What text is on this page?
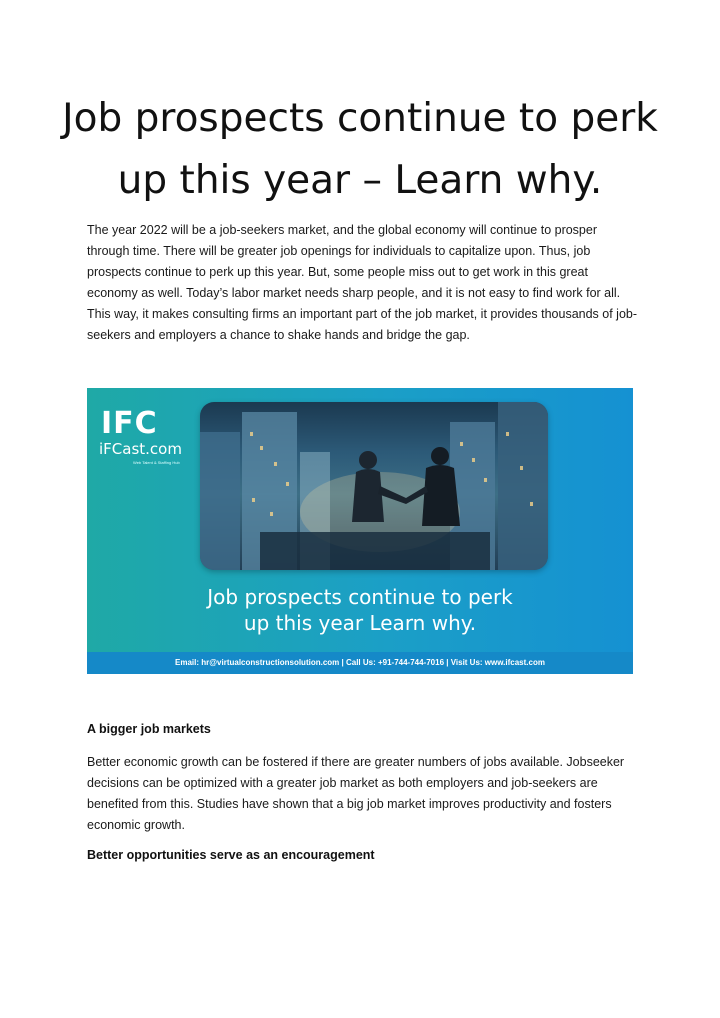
Job prospects continue to perk
up this year – Learn why.

The year 2022 will be a job-seekers market, and the global economy will continue to prosper through time. There will be greater job openings for individuals to capitalize upon. Thus, job prospects continue to perk up this year. But, some people miss out to get work in this great economy as well. Today’s labor market needs sharp people, and it is not easy to find work for all. This way, it makes consulting firms an important part of the job market, it provides thousands of job-seekers and employers a chance to shake hands and bridge the gap.

IFC
iFCast.com
Web Talent & Staffing Hub
Job prospects continue to perk
up this year Learn why.
Email: hr@virtualconstructionsolution.com | Call Us: +91-744-744-7016 | Visit Us: www.ifcast.com
A bigger job markets

Better economic growth can be fostered if there are greater numbers of jobs available. Jobseeker decisions can be optimized with a greater job market as both employers and job-seekers are benefited from this. Studies have shown that a big job market improves productivity and fosters economic growth.

Better opportunities serve as an encouragement
